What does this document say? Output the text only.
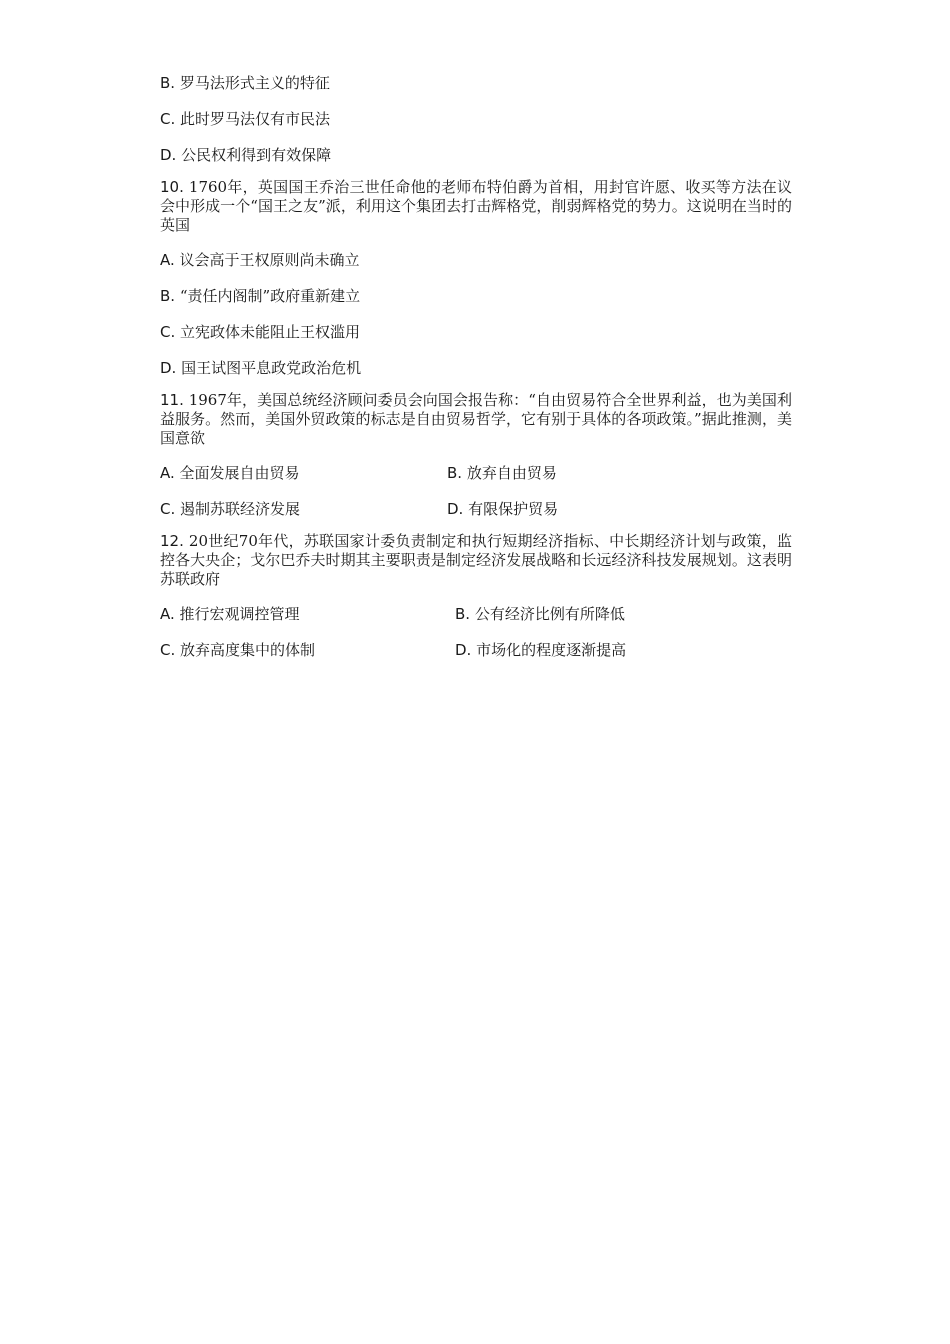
B. 罗马法形式主义的特征
C. 此时罗马法仅有市民法
D. 公民权利得到有效保障
10. 1760年，英国国王乔治三世任命他的老师布特伯爵为首相，用封官许愿、收买等方法在议会中形成一个“国王之友”派，利用这个集团去打击辉格党，削弱辉格党的势力。这说明在当时的英国
A. 议会高于王权原则尚未确立
B. “责任内阁制”政府重新建立
C. 立宪政体未能阻止王权滥用
D. 国王试图平息政党政治危机
11. 1967年，美国总统经济顾问委员会向国会报告称：“自由贸易符合全世界利益，也为美国利益服务。然而，美国外贸政策的标志是自由贸易哲学，它有别于具体的各项政策。”据此推测，美国意欲
A. 全面发展自由贸易	B. 放弃自由贸易
C. 遏制苏联经济发展	D. 有限保护贸易
12. 20世纪70年代，苏联国家计委负责制定和执行短期经济指标、中长期经济计划与政策，监控各大央企；戈尔巴乔夫时期其主要职责是制定经济发展战略和长远经济科技发展规划。这表明苏联政府
A. 推行宏观调控管理	B. 公有经济比例有所降低
C. 放弃高度集中的体制	D. 市场化的程度逐渐提高
